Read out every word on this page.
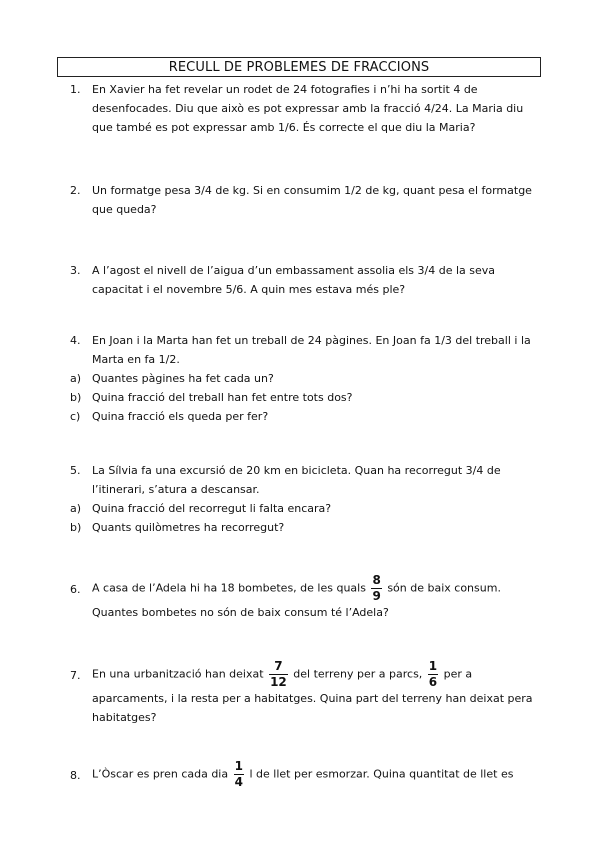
RECULL DE PROBLEMES DE FRACCIONS
1. En Xavier ha fet revelar un rodet de 24 fotografies i n’hi ha sortit 4 de desenfocades. Diu que això es pot expressar amb la fracció 4/24. La Maria diu que també es pot expressar amb 1/6. És correcte el que diu la Maria?
2. Un formatge pesa 3/4 de kg. Si en consumim 1/2 de kg, quant pesa el formatge que queda?
3. A l’agost el nivell de l’aigua d’un embassament assolia els 3/4 de la seva capacitat i el novembre 5/6. A quin mes estava més ple?
4. En Joan i la Marta han fet un treball de 24 pàgines. En Joan fa 1/3 del treball i la Marta en fa 1/2.
a) Quantes pàgines ha fet cada un?
b) Quina fracció del treball han fet entre tots dos?
c) Quina fracció els queda per fer?
5. La Sílvia fa una excursió de 20 km en bicicleta. Quan ha recorregut 3/4 de l’itinerari, s’atura a descansar.
a) Quina fracció del recorregut li falta encara?
b) Quants quilòmetres ha recorregut?
6. A casa de l’Adela hi ha 18 bombetes, de les quals $\frac{8}{9}$ són de baix consum.
Quantes bombetes no són de baix consum té l’Adela?
7. En una urbanització han deixat $\frac{7}{12}$ del terreny per a parcs, $\frac{1}{6}$ per a
aparcaments, i la resta per a habitatges. Quina part del terreny han deixat pera habitatges?
8. L’Òscar es pren cada dia $\frac{1}{4}$ l de llet per esmorzar. Quina quantitat de llet es
